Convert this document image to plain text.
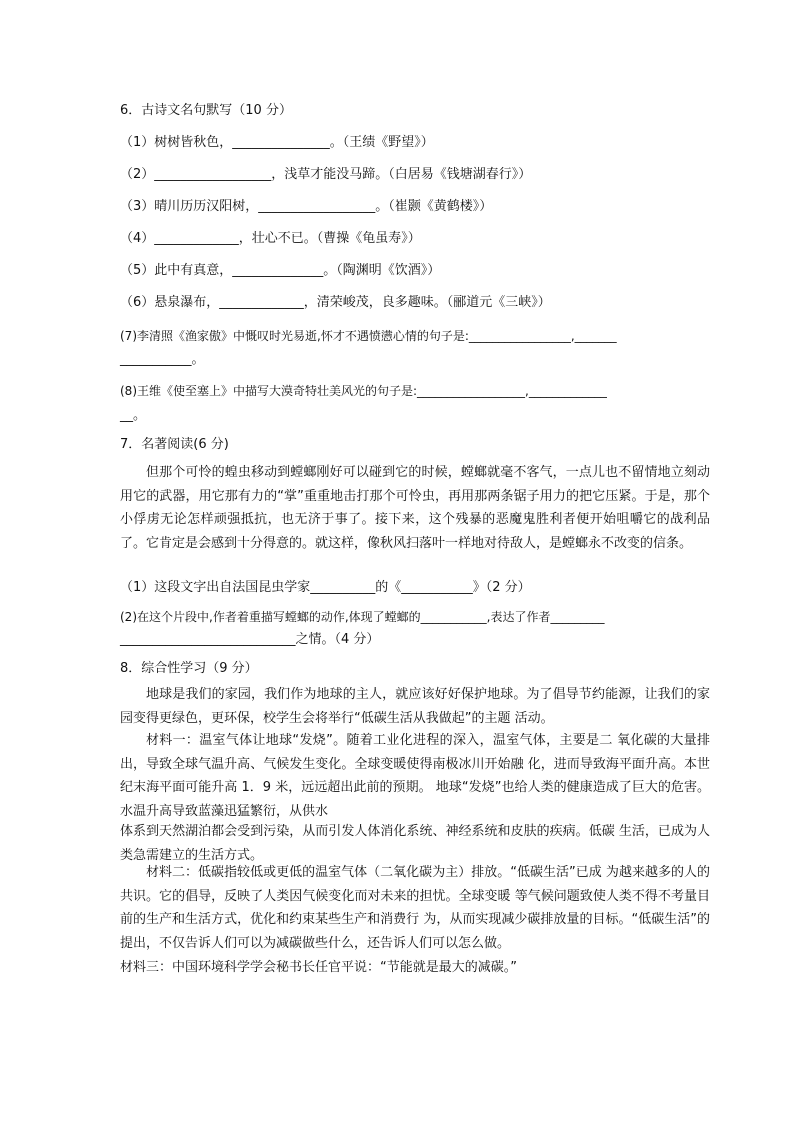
6．古诗文名句默写（10 分）
（1）树树皆秋色，_______________。（王绩《野望》）
（2）__________________，浅草才能没马蹄。（白居易《钱塘湖春行》）
（3）晴川历历汉阳树，__________________。（崔颢《黄鹤楼》）
（4）_____________，壮心不已。（曹操《龟虽寿》）
（5）此中有真意，______________。（陶渊明《饮酒》）
（6）悬泉瀑布，_____________，清荣峻茂，良多趣味。（郦道元《三峡》）
(7)李清照《渔家傲》中慨叹时光易逝,怀才不遇愤懑心情的句子是:_________________,_______
___________。
(8)王维《使至塞上》中描写大漠奇特壮美风光的句子是:__________________,_____________
__。
7．名著阅读(6 分)
但那个可怜的蝗虫移动到螳螂刚好可以碰到它的时候，螳螂就毫不客气，一点儿也不留情地立刻动用它的武器，用它那有力的“掌”重重地击打那个可怜虫，再用那两条锯子用力的把它压紧。于是，那个小俘虏无论怎样顽强抵抗，也无济于事了。接下来，这个残暴的恶魔鬼胜利者便开始咀嚼它的战利品了。它肯定是会感到十分得意的。就这样，像秋风扫落叶一样地对待敌人，是螳螂永不改变的信条。
（1）这段文字出自法国昆虫学家__________的《___________》（2 分）
(2)在这个片段中,作者着重描写螳螂的动作,体现了螳螂的___________,表达了作者_________
___________________________之情。（4 分）
8．综合性学习（9 分）
地球是我们的家园，我们作为地球的主人，就应该好好保护地球。为了倡导节约能源，让我们的家园变得更绿色，更环保，校学生会将举行“低碳生活从我做起”的主题 活动。
材料一：温室气体让地球“发烧”。随着工业化进程的深入，温室气体，主要是二 氧化碳的大量排出，导致全球气温升高、气候发生变化。全球变暖使得南极冰川开始融 化，进而导致海平面升高。本世纪末海平面可能升高 1．9 米，远远超出此前的预期。 地球“发烧”也给人类的健康造成了巨大的危害。水温升高导致蓝藻迅猛繁衍，从供水
体系到天然湖泊都会受到污染，从而引发人体消化系统、神经系统和皮肤的疾病。低碳 生活，已成为人类急需建立的生活方式。
材料二：低碳指较低或更低的温室气体（二氧化碳为主）排放。“低碳生活”已成 为越来越多的人的共识。它的倡导，反映了人类因气候变化而对未来的担忧。全球变暖 等气候问题致使人类不得不考量目前的生产和生活方式，优化和约束某些生产和消费行 为，从而实现减少碳排放量的目标。“低碳生活”的提出，不仅告诉人们可以为减碳做些什么，还告诉人们可以怎么做。
材料三：中国环境科学学会秘书长任官平说：“节能就是最大的减碳。”
